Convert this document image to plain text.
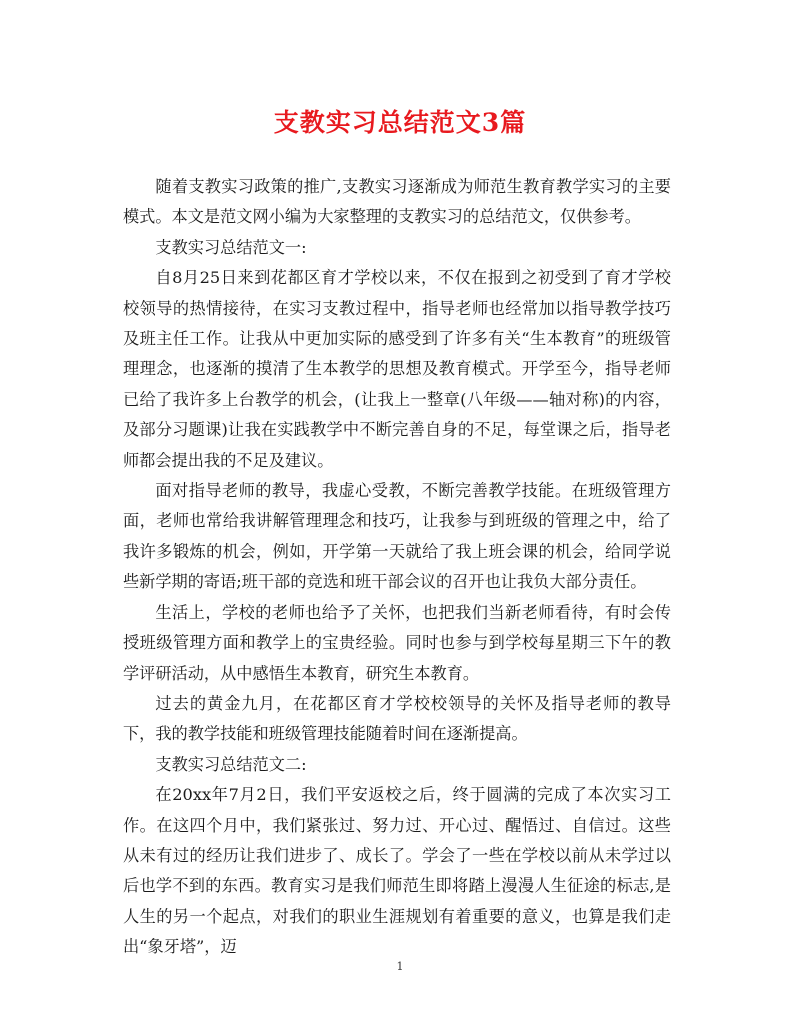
支教实习总结范文3篇

随着支教实习政策的推广,支教实习逐渐成为师范生教育教学实习的主要模式。本文是范文网小编为大家整理的支教实习的总结范文，仅供参考。

支教实习总结范文一:

自8月25日来到花都区育才学校以来，不仅在报到之初受到了育才学校校领导的热情接待，在实习支教过程中，指导老师也经常加以指导教学技巧及班主任工作。让我从中更加实际的感受到了许多有关“生本教育”的班级管理理念，也逐渐的摸清了生本教学的思想及教育模式。开学至今，指导老师已给了我许多上台教学的机会，(让我上一整章(八年级——轴对称)的内容，及部分习题课)让我在实践教学中不断完善自身的不足，每堂课之后，指导老师都会提出我的不足及建议。

面对指导老师的教导，我虚心受教，不断完善教学技能。在班级管理方面，老师也常给我讲解管理理念和技巧，让我参与到班级的管理之中，给了我许多锻炼的机会，例如，开学第一天就给了我上班会课的机会，给同学说些新学期的寄语;班干部的竞选和班干部会议的召开也让我负大部分责任。

生活上，学校的老师也给予了关怀，也把我们当新老师看待，有时会传授班级管理方面和教学上的宝贵经验。同时也参与到学校每星期三下午的教学评研活动，从中感悟生本教育，研究生本教育。

过去的黄金九月，在花都区育才学校校领导的关怀及指导老师的教导下，我的教学技能和班级管理技能随着时间在逐渐提高。

支教实习总结范文二:

在20xx年7月2日，我们平安返校之后，终于圆满的完成了本次实习工作。在这四个月中，我们紧张过、努力过、开心过、醒悟过、自信过。这些从未有过的经历让我们进步了、成长了。学会了一些在学校以前从未学过以后也学不到的东西。教育实习是我们师范生即将踏上漫漫人生征途的标志,是人生的另一个起点，对我们的职业生涯规划有着重要的意义，也算是我们走出“象牙塔”，迈

1
